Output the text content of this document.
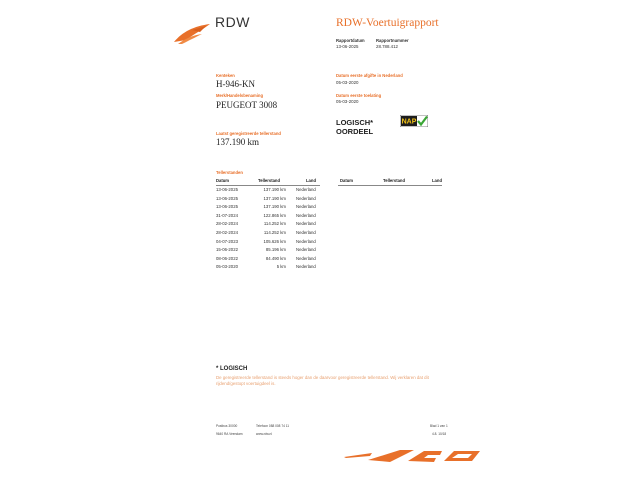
RDW	RDW-Voertuigrapport
Rapportdatum
13-06-2025
Rapportnummer
28.788.412
Kenteken
H-946-KN
Merk/Handelsbenaming
PEUGEOT 3008
Laatst geregistreerde tellerstand
137.190 km
Datum eerste afgifte in Nederland
05-03-2020
Datum eerste toelating
05-03-2020
LOGISCH*
OORDEEL
NAP
Tellerstanden
Datum	Tellerstand	Land
13-06-2025	137.190 km Nederland
13-06-2025	137.190 km Nederland
13-06-2025	137.190 km Nederland
31-07-2024	122.865 km Nederland
28-02-2024	114.252 km Nederland
28-02-2024	114.252 km Nederland
04-07-2023	105.626 km Nederland
15-06-2022	85.196 km Nederland
08-06-2022	84.490 km Nederland
05-03-2020	5 km Nederland
Datum	Tellerstand	Land
* LOGISCH
De geregistreerde tellerstand is steeds hoger dan de daarvoor geregistreerde tellerstand. Wij verklaren dat dit rijdend/gestopt voertuigdeel is.
Postbus 30000
9640 RA Veendam
Telefoon 088 008 74 11
www.rdw.nl
Blad 1 van 1
4.8. 10/18
